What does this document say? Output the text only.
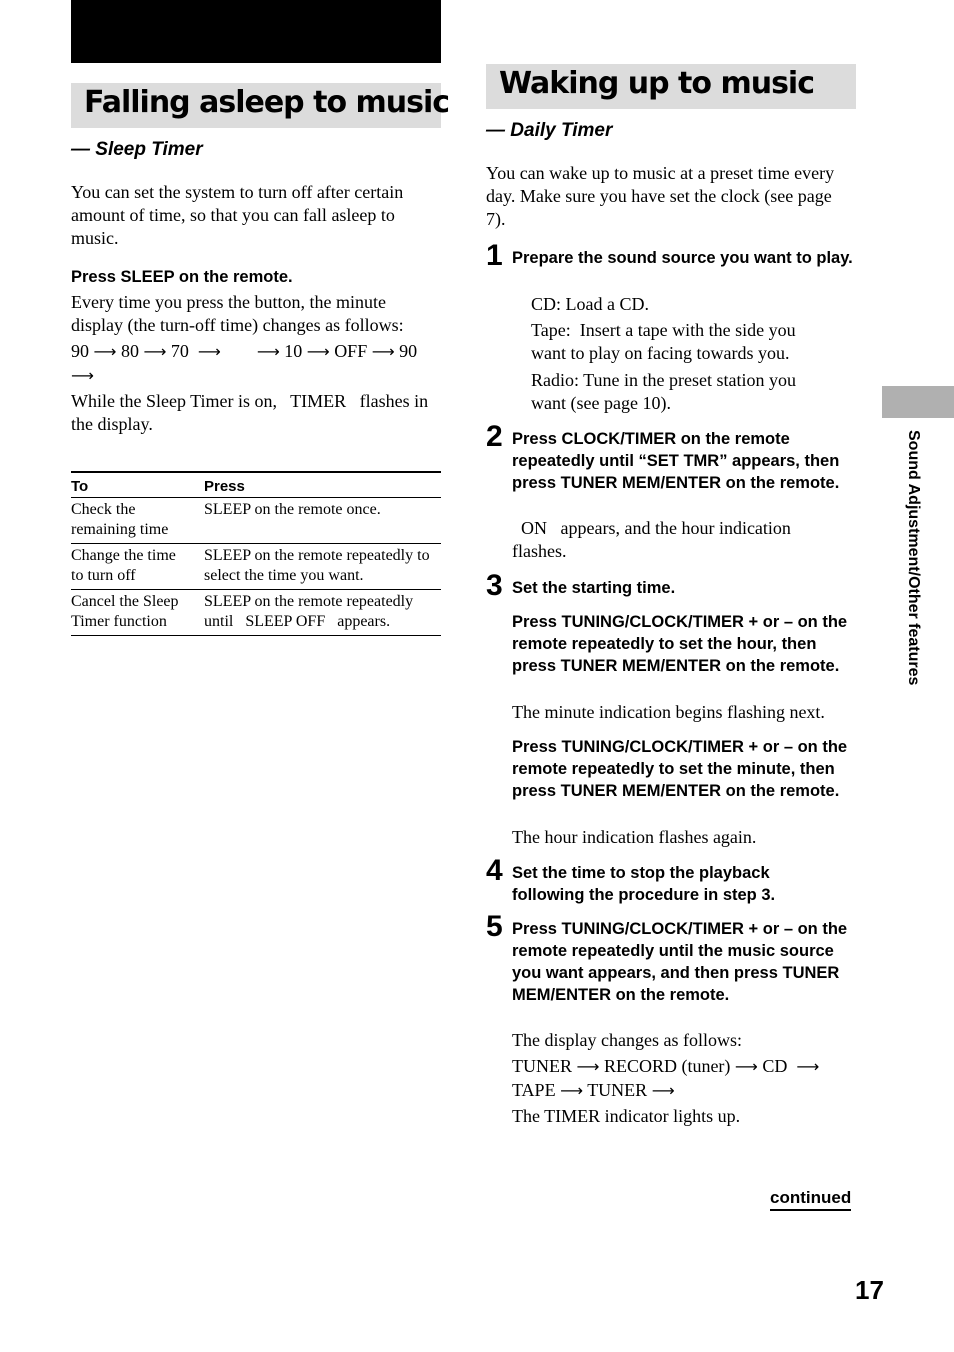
Falling asleep to music
— Sleep Timer
You can set the system to turn off after certain amount of time, so that you can fall asleep to music.
Press SLEEP on the remote.
Every time you press the button, the minute display (the turn-off time) changes as follows:
90 ⟶ 80 ⟶ 70 ⟶ ⟶ 10 ⟶ OFF ⟶ 90
⟶
While the Sleep Timer is on,   TIMER   flashes in the display.
To	Press
Check the remaining time	SLEEP on the remote once.
Change the time to turn off	SLEEP on the remote repeatedly to select the time you want.
Cancel the Sleep Timer function	SLEEP on the remote repeatedly until   SLEEP OFF   appears.
Waking up to music
— Daily Timer
You can wake up to music at a preset time every day. Make sure you have set the clock (see page 7).
1 Prepare the sound source you want to play.
CD: Load a CD.
Tape:  Insert a tape with the side you want to play on facing towards you.
Radio: Tune in the preset station you want (see page 10).
2 Press CLOCK/TIMER on the remote repeatedly until “SET TMR” appears, then press TUNER MEM/ENTER on the remote.
ON   appears, and the hour indication flashes.
3 Set the starting time.
Press TUNING/CLOCK/TIMER + or – on the remote repeatedly to set the hour, then press TUNER MEM/ENTER on the remote.
The minute indication begins flashing next.
Press TUNING/CLOCK/TIMER + or – on the remote repeatedly to set the minute, then press TUNER MEM/ENTER on the remote.
The hour indication flashes again.
4 Set the time to stop the playback following the procedure in step 3.
5 Press TUNING/CLOCK/TIMER + or – on the remote repeatedly until the music source you want appears, and then press TUNER MEM/ENTER on the remote.
The display changes as follows:
TUNER ⟶ RECORD (tuner) ⟶ CD ⟶
TAPE ⟶ TUNER ⟶
The TIMER indicator lights up.
Sound Adjustment/Other features
continued
17
